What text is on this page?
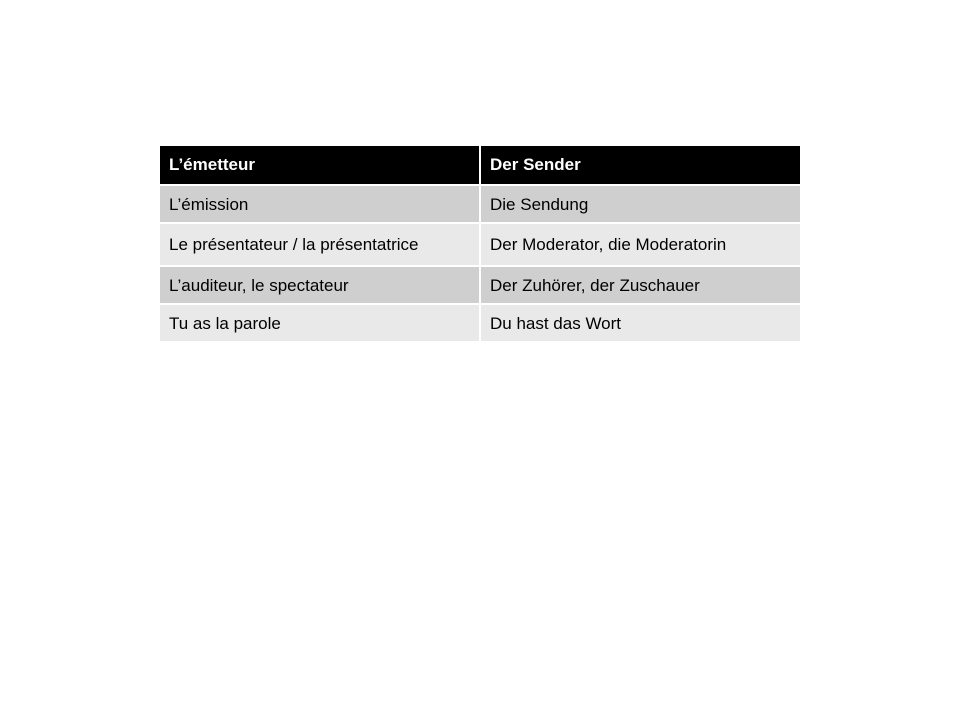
L’émetteur	Der Sender
L’émission	Die Sendung
Le présentateur / la présentatrice	Der Moderator, die Moderatorin
L’auditeur, le spectateur	Der Zuhörer, der Zuschauer
Tu as la parole	Du hast das Wort
